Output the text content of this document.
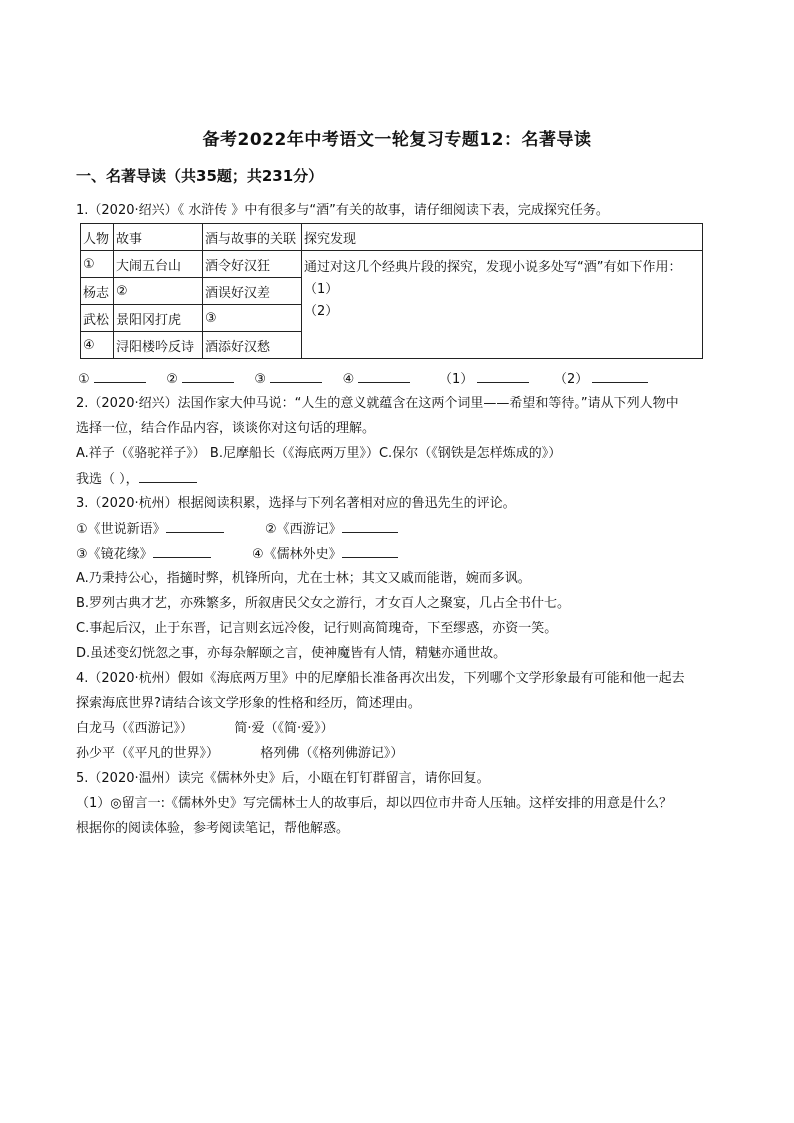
备考2022年中考语文一轮复习专题12：名著导读
一、名著导读（共35题；共231分）
1.（2020·绍兴）《 水浒传 》中有很多与“酒”有关的故事，请仔细阅读下表，完成探究任务。
人物	故事	酒与故事的关联	探究发现
①	大闹五台山	酒令好汉狂	通过对这几个经典片段的探究，发现小说多处写“酒”有如下作用：
（1）
（2）

杨志	②	酒误好汉差	
武松	景阳冈打虎	③	
④	浔阳楼吟反诗	酒添好汉愁	
①	②	③	④	（1）	（2）
2.（2020·绍兴）法国作家大仲马说：“人生的意义就蕴含在这两个词里——希望和等待。”请从下列人物中
选择一位，结合作品内容，谈谈你对这句话的理解。
A.祥子（《骆驼祥子》） B.尼摩船长（《海底两万里》）C.保尔（《钢铁是怎样炼成的》）
我选（ ），
3.（2020·杭州）根据阅读积累，选择与下列名著相对应的鲁迅先生的评论。
①《世说新语》	②《西游记》
③《镜花缘》	④《儒林外史》
A.乃秉持公心，指擿时弊，机锋所向，尤在士林；其文又戚而能谐，婉而多讽。
B.罗列古典才艺，亦殊繁多，所叙唐民父女之游行，才女百人之聚宴，几占全书什七。
C.事起后汉，止于东晋，记言则玄远冷俊，记行则高简瑰奇，下至缪惑，亦资一笑。
D.虽述变幻恍忽之事，亦每杂解颐之言，使神魔皆有人情，精魅亦通世故。
4.（2020·杭州）假如《海底两万里》中的尼摩船长准备再次出发，下列哪个文学形象最有可能和他一起去
探索海底世界?请结合该文学形象的性格和经历，简述理由。
白龙马（《西游记》）	简·爱（《简·爱》）
孙少平（《平凡的世界》）	格列佛（《格列佛游记》）
5.（2020·温州）读完《儒林外史》后，小瓯在钉钉群留言，请你回复。
（1）◎留言一:《儒林外史》写完儒林士人的故事后，却以四位市井奇人压轴。这样安排的用意是什么？
根据你的阅读体验，参考阅读笔记，帮他解惑。
